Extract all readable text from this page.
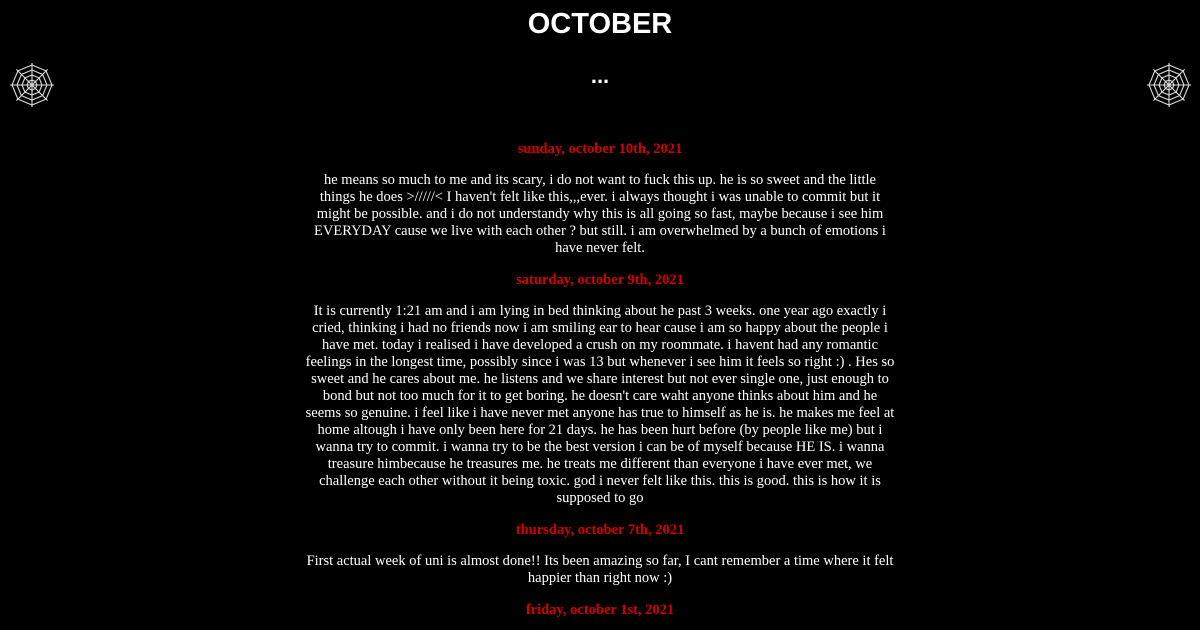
OCTOBER
...

sunday, october 10th, 2021

he means so much to me and its scary, i do not want to fuck this up. he is so sweet and the little things he does >/////< I haven't felt like this,,,ever. i always thought i was unable to commit but it might be possible. and i do not understandy why this is all going so fast, maybe because i see him EVERYDAY cause we live with each other ? but still. i am overwhelmed by a bunch of emotions i have never felt.

saturday, october 9th, 2021

It is currently 1:21 am and i am lying in bed thinking about he past 3 weeks. one year ago exactly i cried, thinking i had no friends now i am smiling ear to hear cause i am so happy about the people i have met. today i realised i have developed a crush on my roommate. i havent had any romantic feelings in the longest time, possibly since i was 13 but whenever i see him it feels so right :) . Hes so sweet and he cares about me. he listens and we share interest but not ever single one, just enough to bond but not too much for it to get boring. he doesn't care waht anyone thinks about him and he seems so genuine. i feel like i have never met anyone has true to himself as he is. he makes me feel at home altough i have only been here for 21 days. he has been hurt before (by people like me) but i wanna try to commit. i wanna try to be the best version i can be of myself because HE IS. i wanna treasure himbecause he treasures me. he treats me different than everyone i have ever met, we challenge each other without it being toxic. god i never felt like this. this is good. this is how it is supposed to go

thursday, october 7th, 2021

First actual week of uni is almost done!! Its been amazing so far, I cant remember a time where it felt happier than right now :)

friday, october 1st, 2021
